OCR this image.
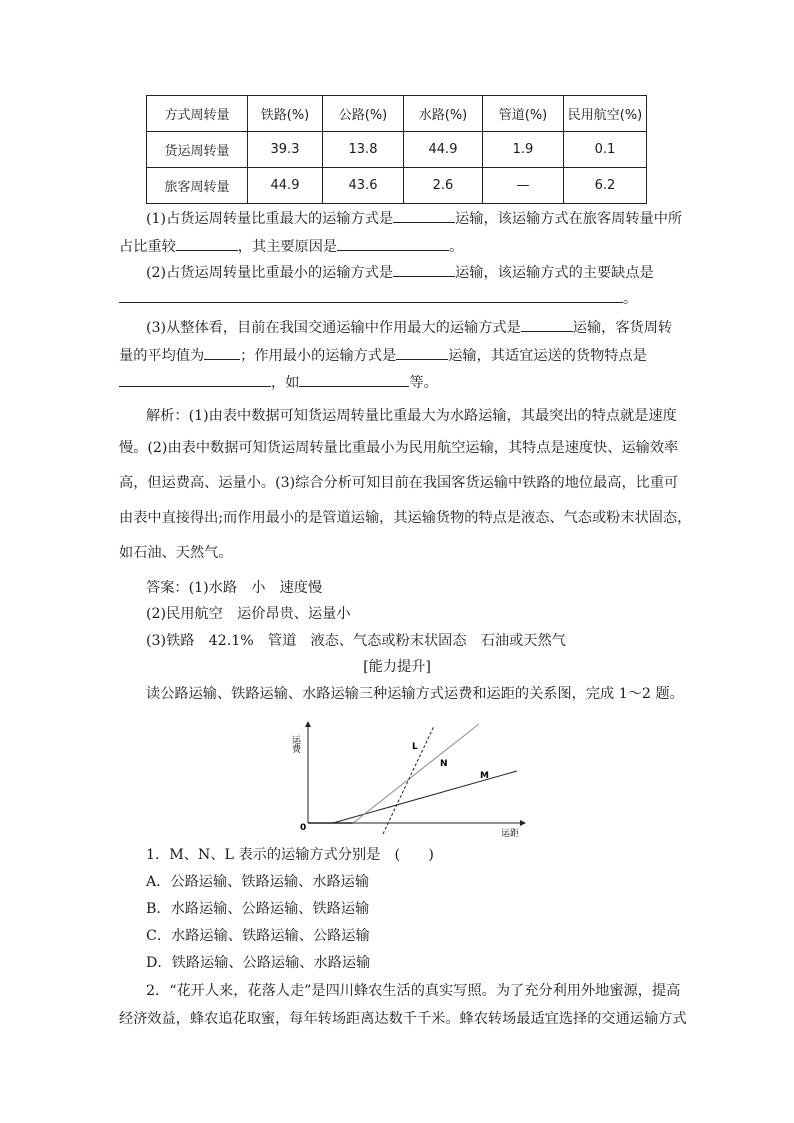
方式周转量	铁路(%)	公路(%)	水路(%)	管道(%)	民用航空(%)
货运周转量	39.3	13.8	44.9	1.9	0.1
旅客周转量	44.9	43.6	2.6	—	6.2
(1)占货运周转量比重最大的运输方式是	运输，该运输方式在旅客周转量中所
占比重较	，其主要原因是	。
(2)占货运周转量比重最小的运输方式是	运输，该运输方式的主要缺点是
。
(3)从整体看，目前在我国交通运输中作用最大的运输方式是	运输，客货周转
量的平均值为	；作用最小的运输方式是	运输，其适宜运送的货物特点是
，如	等。
解析：(1)由表中数据可知货运周转量比重最大为水路运输，其最突出的特点就是速度
慢。(2)由表中数据可知货运周转量比重最小为民用航空运输，其特点是速度快、运输效率
高，但运费高、运量小。(3)综合分析可知目前在我国客货运输中铁路的地位最高，比重可
由表中直接得出;而作用最小的是管道运输，其运输货物的特点是液态、气态或粉末状固态，
如石油、天然气。
答案：(1)水路　小　速度慢
(2)民用航空　运价昂贵、运量小
(3)铁路　42.1%　管道　液态、气态或粉末状固态　石油或天然气
[能力提升]
读公路运输、铁路运输、水路运输三种运输方式运费和运距的关系图，完成 1～2 题。
运费
运距
0
L
N
M
1．M、N、L 表示的运输方式分别是　(　　)
A．公路运输、铁路运输、水路运输
B．水路运输、公路运输、铁路运输
C．水路运输、铁路运输、公路运输
D．铁路运输、公路运输、水路运输
2．“花开人来，花落人走”是四川蜂农生活的真实写照。为了充分利用外地蜜源，提高
经济效益，蜂农追花取蜜，每年转场距离达数千千米。蜂农转场最适宜选择的交通运输方式
